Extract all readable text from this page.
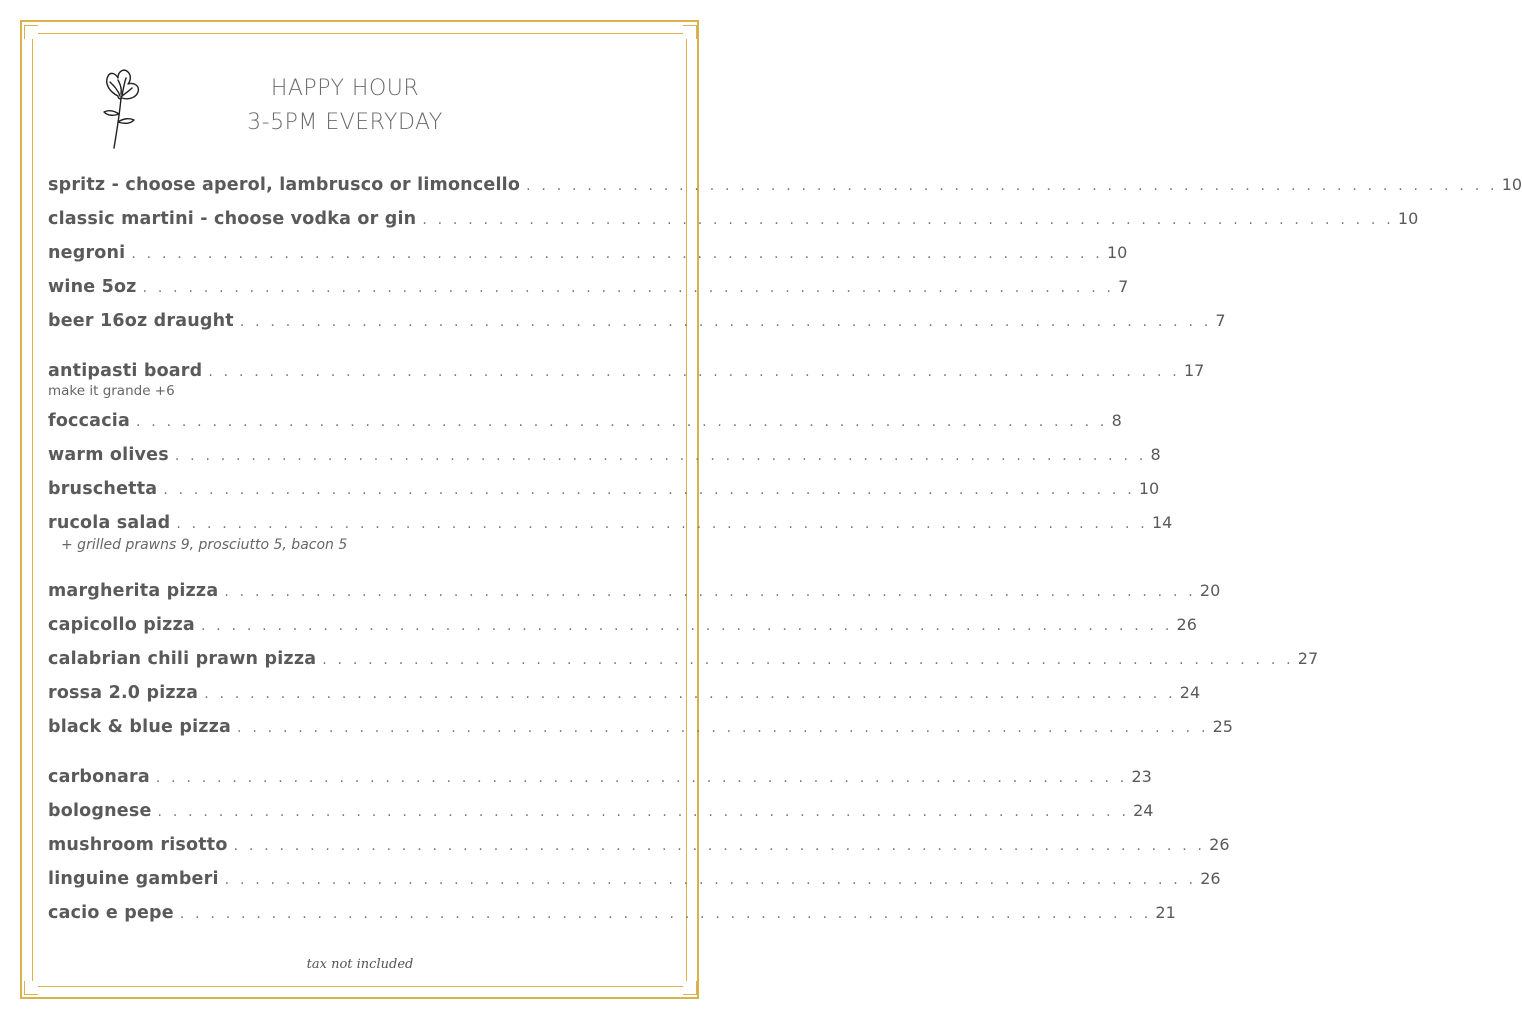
HAPPY HOUR
3-5PM EVERYDAY
spritz - choose aperol, lambrusco or limoncello . . . . . . . . . . . . . . . . . . . . . . . . . . . . . . . . . . . . . . . . . . . . . . . . . . . . . . . . . . . . . . . . 10
classic martini - choose vodka or gin . . . . . . . . . . . . . . . . . . . . . . . . . . . . . . . . . . . . . . . . . . . . . . . . . . . . . . . . . . . . . . . . 10
negroni . . . . . . . . . . . . . . . . . . . . . . . . . . . . . . . . . . . . . . . . . . . . . . . . . . . . . . . . . . . . . . . . 10
wine 5oz . . . . . . . . . . . . . . . . . . . . . . . . . . . . . . . . . . . . . . . . . . . . . . . . . . . . . . . . . . . . . . . . 7
beer 16oz draught . . . . . . . . . . . . . . . . . . . . . . . . . . . . . . . . . . . . . . . . . . . . . . . . . . . . . . . . . . . . . . . . 7
antipasti board . . . . . . . . . . . . . . . . . . . . . . . . . . . . . . . . . . . . . . . . . . . . . . . . . . . . . . . . . . . . . . . . 17
make it grande +6
foccacia . . . . . . . . . . . . . . . . . . . . . . . . . . . . . . . . . . . . . . . . . . . . . . . . . . . . . . . . . . . . . . . . 8
warm olives . . . . . . . . . . . . . . . . . . . . . . . . . . . . . . . . . . . . . . . . . . . . . . . . . . . . . . . . . . . . . . . . 8
bruschetta . . . . . . . . . . . . . . . . . . . . . . . . . . . . . . . . . . . . . . . . . . . . . . . . . . . . . . . . . . . . . . . . 10
rucola salad . . . . . . . . . . . . . . . . . . . . . . . . . . . . . . . . . . . . . . . . . . . . . . . . . . . . . . . . . . . . . . . . 14
+ grilled prawns 9, prosciutto 5, bacon 5
margherita pizza . . . . . . . . . . . . . . . . . . . . . . . . . . . . . . . . . . . . . . . . . . . . . . . . . . . . . . . . . . . . . . . . 20
capicollo pizza . . . . . . . . . . . . . . . . . . . . . . . . . . . . . . . . . . . . . . . . . . . . . . . . . . . . . . . . . . . . . . . . 26
calabrian chili prawn pizza . . . . . . . . . . . . . . . . . . . . . . . . . . . . . . . . . . . . . . . . . . . . . . . . . . . . . . . . . . . . . . . . 27
rossa 2.0 pizza . . . . . . . . . . . . . . . . . . . . . . . . . . . . . . . . . . . . . . . . . . . . . . . . . . . . . . . . . . . . . . . . 24
black & blue pizza . . . . . . . . . . . . . . . . . . . . . . . . . . . . . . . . . . . . . . . . . . . . . . . . . . . . . . . . . . . . . . . . 25
carbonara . . . . . . . . . . . . . . . . . . . . . . . . . . . . . . . . . . . . . . . . . . . . . . . . . . . . . . . . . . . . . . . . 23
bolognese . . . . . . . . . . . . . . . . . . . . . . . . . . . . . . . . . . . . . . . . . . . . . . . . . . . . . . . . . . . . . . . . 24
mushroom risotto . . . . . . . . . . . . . . . . . . . . . . . . . . . . . . . . . . . . . . . . . . . . . . . . . . . . . . . . . . . . . . . . 26
linguine gamberi . . . . . . . . . . . . . . . . . . . . . . . . . . . . . . . . . . . . . . . . . . . . . . . . . . . . . . . . . . . . . . . . 26
cacio e pepe . . . . . . . . . . . . . . . . . . . . . . . . . . . . . . . . . . . . . . . . . . . . . . . . . . . . . . . . . . . . . . . . 21
tax not included
